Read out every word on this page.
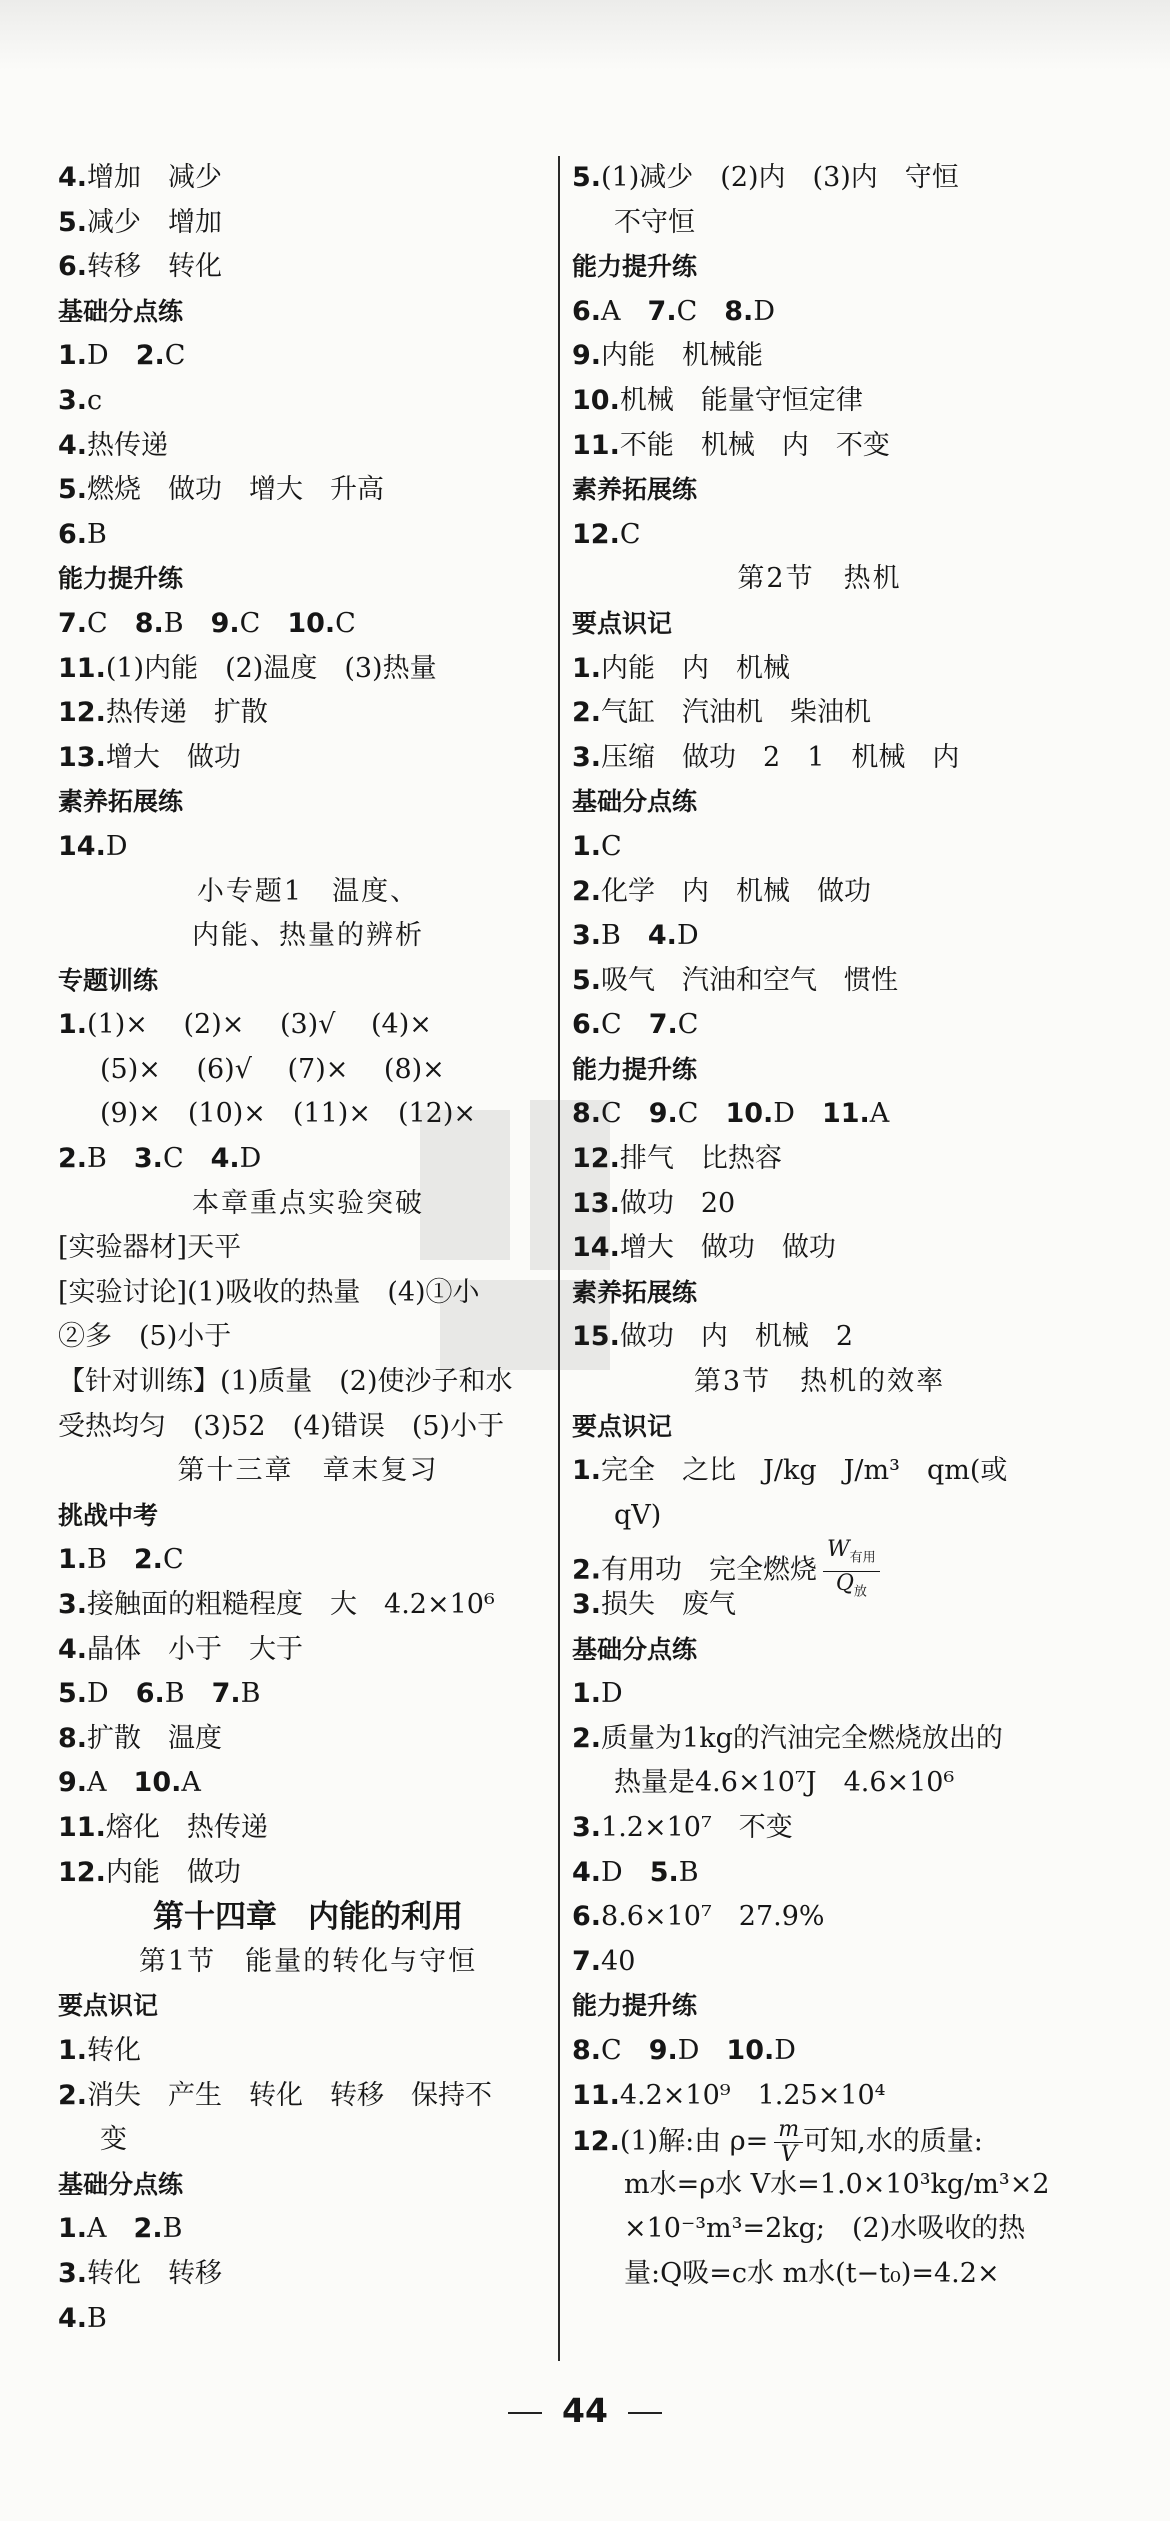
4.增加　减少
5.减少　增加
6.转移　转化
基础分点练
1.D　2.C
3.c
4.热传递
5.燃烧　做功　增大　升高
6.B
能力提升练
7.C　8.B　9.C　10.C
11.(1)内能　(2)温度　(3)热量
12.热传递　扩散
13.增大　做功
素养拓展练
14.D
小专题1　温度、
内能、热量的辨析
专题训练
1.(1)×　 (2)×　 (3)√　 (4)×
(5)×　 (6)√　 (7)×　 (8)×
(9)×　(10)×　(11)×　(12)×
2.B　3.C　4.D
本章重点实验突破
[实验器材]天平
[实验讨论](1)吸收的热量　(4)①小
②多　(5)小于
【针对训练】(1)质量　(2)使沙子和水
受热均匀　(3)52　(4)错误　(5)小于
第十三章　章末复习
挑战中考
1.B　2.C
3.接触面的粗糙程度　大　4.2×10⁶
4.晶体　小于　大于
5.D　6.B　7.B
8.扩散　温度
9.A　10.A
11.熔化　热传递
12.内能　做功
第十四章　内能的利用
第1节　能量的转化与守恒
要点识记
1.转化
2.消失　产生　转化　转移　保持不
变
基础分点练
1.A　2.B
3.转化　转移
4.B
5.(1)减少　(2)内　(3)内　守恒
不守恒
能力提升练
6.A　7.C　8.D
9.内能　机械能
10.机械　能量守恒定律
11.不能　机械　内　不变
素养拓展练
12.C
第2节　热机
要点识记
1.内能　内　机械
2.气缸　汽油机　柴油机
3.压缩　做功　2　1　机械　内
基础分点练
1.C
2.化学　内　机械　做功
3.B　4.D
5.吸气　汽油和空气　惯性
6.C　7.C
能力提升练
8.C　9.C　10.D　11.A
12.排气　比热容
13.做功　20
14.增大　做功　做功
素养拓展练
15.做功　内　机械　2
第3节　热机的效率
要点识记
1.完全　之比　J/kg　J/m³　qm(或
qV)
2.有用功　完全燃烧 $\frac{W_{有用}}{Q_放}$
3.损失　废气
基础分点练
1.D
2.质量为1kg的汽油完全燃烧放出的
热量是4.6×10⁷J　4.6×10⁶
3.1.2×10⁷　不变
4.D　5.B
6.8.6×10⁷　27.9%
7.40
能力提升练
8.C　9.D　10.D
11.4.2×10⁹　1.25×10⁴
12.(1)解:由 $\rho= \frac{m}{V}$ 可知,水的质量:
m水=ρ水 V水=1.0×10³kg/m³×2
×10⁻³m³=2kg;　(2)水吸收的热
量:Q吸=c水 m水(t−t₀)=4.2×
44
